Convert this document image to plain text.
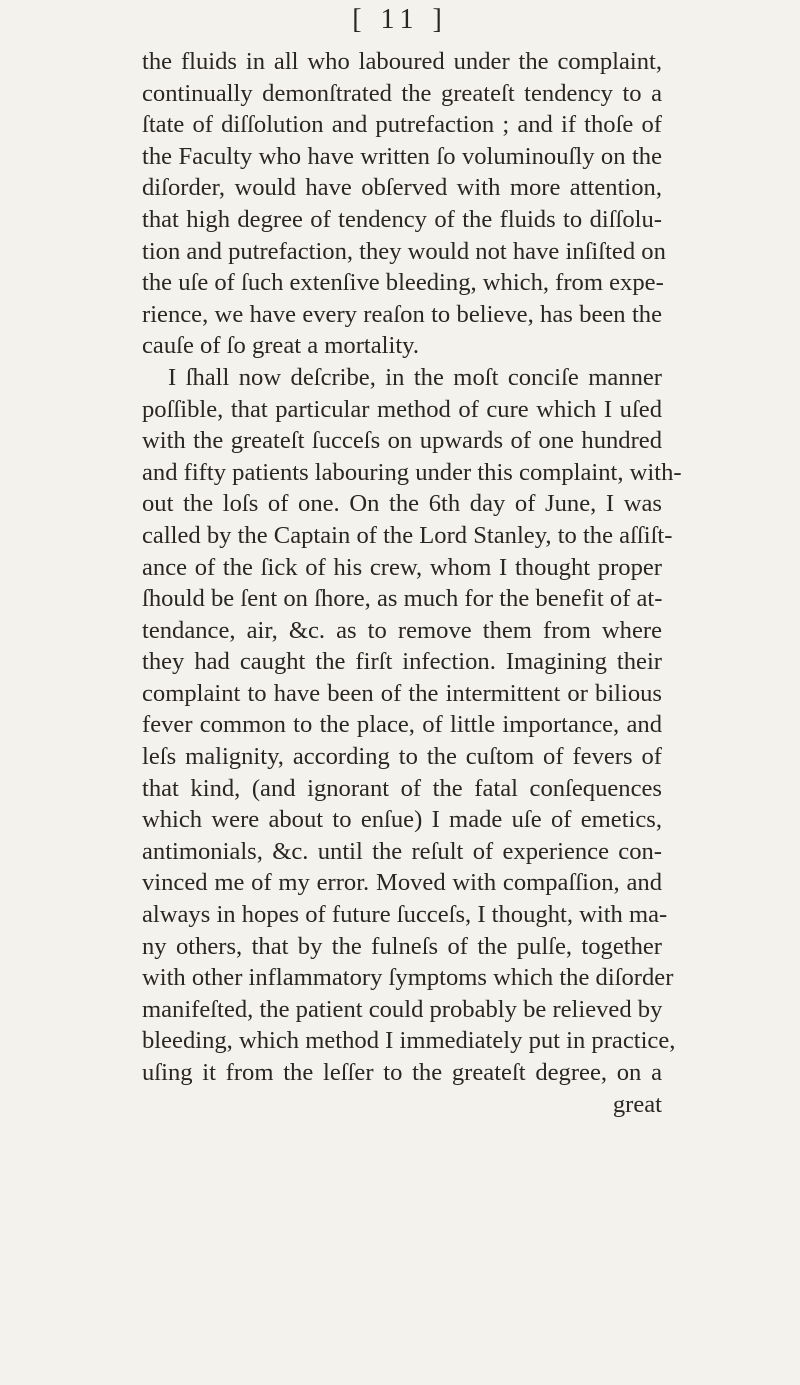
[ 11 ]
the fluids in all who laboured under the complaint,
continually demonſtrated the greateſt tendency to a
ſtate of diſſolution and putrefaction ; and if thoſe of
the Faculty who have written ſo voluminouſly on the
diſorder, would have obſerved with more attention,
that high degree of tendency of the fluids to diſſolu-
tion and putrefaction, they would not have inſiſted on
the uſe of ſuch extenſive bleeding, which, from expe-
rience, we have every reaſon to believe, has been the
cauſe of ſo great a mortality.
I ſhall now deſcribe, in the moſt conciſe manner
poſſible, that particular method of cure which I uſed
with the greateſt ſucceſs on upwards of one hundred
and fifty patients labouring under this complaint, with-
out the loſs of one. On the 6th day of June, I was
called by the Captain of the Lord Stanley, to the aſſiſt-
ance of the ſick of his crew, whom I thought proper
ſhould be ſent on ſhore, as much for the benefit of at-
tendance, air, &c. as to remove them from where
they had caught the firſt infection. Imagining their
complaint to have been of the intermittent or bilious
fever common to the place, of little importance, and
leſs malignity, according to the cuſtom of fevers of
that kind, (and ignorant of the fatal conſequences
which were about to enſue) I made uſe of emetics,
antimonials, &c. until the reſult of experience con-
vinced me of my error. Moved with compaſſion, and
always in hopes of future ſucceſs, I thought, with ma-
ny others, that by the fulneſs of the pulſe, together
with other inflammatory ſymptoms which the diſorder
manifeſted, the patient could probably be relieved by
bleeding, which method I immediately put in practice,
uſing it from the leſſer to the greateſt degree, on a
great
